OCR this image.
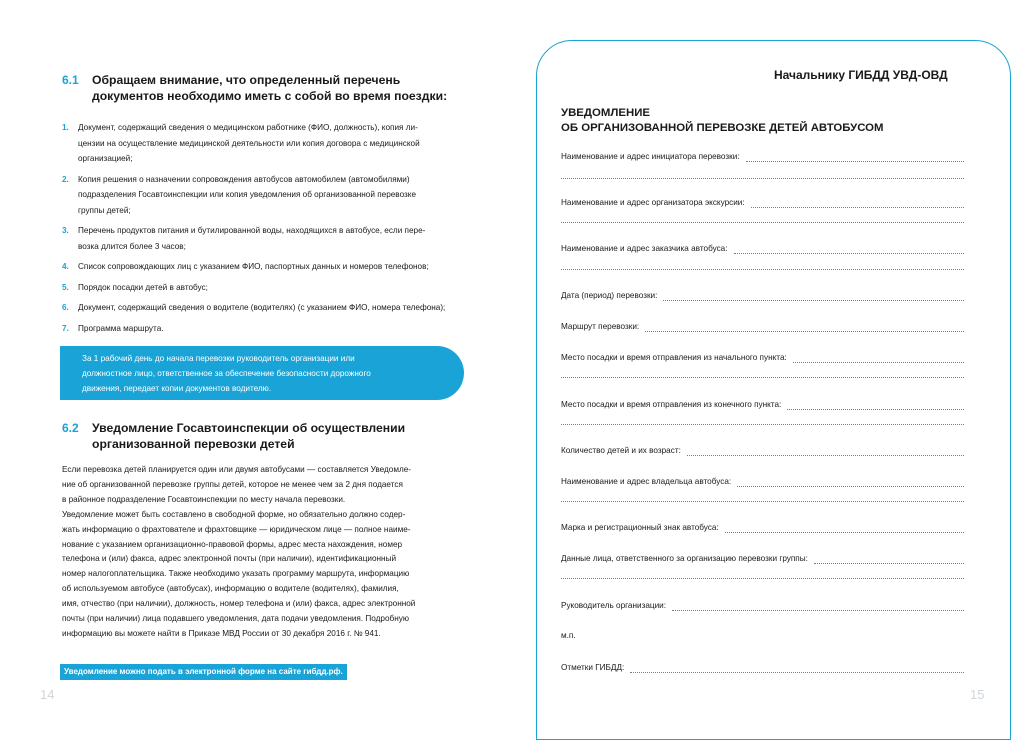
6.1	Обращаем внимание, что определенный перечень
документов необходимо иметь с собой во время поездки:
1.	Документ, содержащий сведения о медицинском работнике (ФИО, должность), копия ли-
цензии на осуществление медицинской деятельности или копия договора с медицинской
организацией;
2.	Копия решения о назначении сопровождения автобусов автомобилем (автомобилями)
подразделения Госавтоинспекции или копия уведомления об организованной перевозке
группы детей;
3.	Перечень продуктов питания и бутилированной воды, находящихся в автобусе, если пере-
возка длится более 3 часов;
4.	Список сопровождающих лиц с указанием ФИО, паспортных данных и номеров телефонов;
5.	Порядок посадки детей в автобус;
6.	Документ, содержащий сведения о водителе (водителях) (с указанием ФИО, номера телефона);
7.	Программа маршрута.
За 1 рабочий день до начала перевозки руководитель организации или
должностное лицо, ответственное за обеспечение безопасности дорожного
движения, передает копии документов водителю.
6.2	Уведомление Госавтоинспекции об осуществлении
организованной перевозки детей
Если перевозка детей планируется один или двумя автобусами — составляется Уведомле-
ние об организованной перевозке группы детей, которое не менее чем за 2 дня подается
в районное подразделение Госавтоинспекции по месту начала перевозки.
Уведомление может быть составлено в свободной форме, но обязательно должно содер-
жать информацию о фрахтователе и фрахтовщике — юридическом лице — полное наиме-
нование с указанием организационно-правовой формы, адрес места нахождения, номер
телефона и (или) факса, адрес электронной почты (при наличии), идентификационный
номер налогоплательщика. Также необходимо указать программу маршрута, информацию
об используемом автобусе (автобусах), информацию о водителе (водителях), фамилия,
имя, отчество (при наличии), должность, номер телефона и (или) факса, адрес электронной
почты (при наличии) лица подавшего уведомления, дата подачи уведомления. Подробную
информацию вы можете найти в Приказе МВД России от 30 декабря 2016 г. № 941.
Уведомление можно подать в электронной форме на сайте гибдд.рф.
14
Начальнику ГИБДД УВД-ОВД
УВЕДОМЛЕНИЕ
ОБ ОРГАНИЗОВАННОЙ ПЕРЕВОЗКЕ ДЕТЕЙ АВТОБУСОМ
Наименование и адрес инициатора перевозки:
Наименование и адрес организатора экскурсии:
Наименование и адрес заказчика автобуса:
Дата (период) перевозки:
Маршрут перевозки:
Место посадки и время отправления из начального пункта:
Место посадки и время отправления из конечного пункта:
Количество детей и их возраст:
Наименование и адрес владельца автобуса:
Марка и регистрационный знак автобуса:
Данные лица, ответственного за организацию перевозки группы:
Руководитель организации:
м.п.
Отметки ГИБДД:
15
